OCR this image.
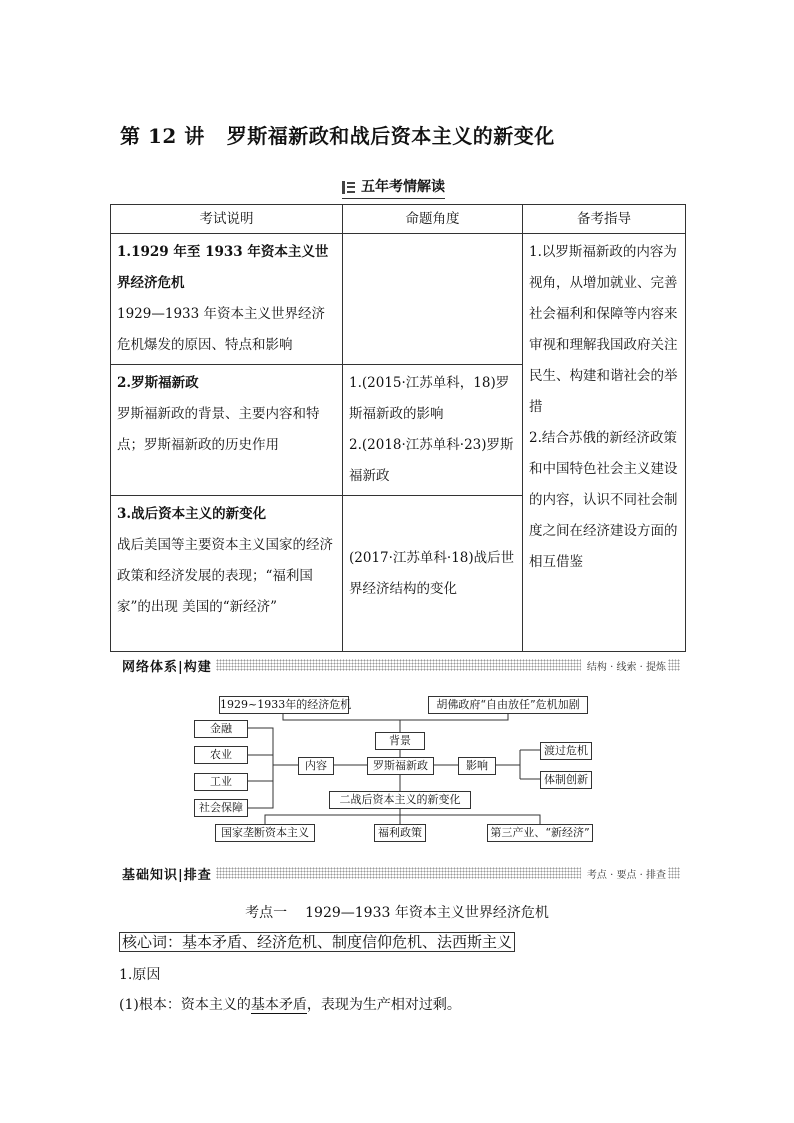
第 12 讲 罗斯福新政和战后资本主义的新变化
五年考情解读
考试说明	命题角度	备考指导
1.1929 年至 1933 年资本主义世界经济危机
1929—1933 年资本主义世界经济危机爆发的原因、特点和影响		1.以罗斯福新政的内容为视角，从增加就业、完善社会福利和保障等内容来审视和理解我国政府关注民生、构建和谐社会的举措
2.结合苏俄的新经济政策和中国特色社会主义建设的内容，认识不同社会制度之间在经济建设方面的相互借鉴
2.罗斯福新政
罗斯福新政的背景、主要内容和特点；罗斯福新政的历史作用	1.(2015·江苏单科，18)罗斯福新政的影响
2.(2018·江苏单科·23)罗斯福新政	
3.战后资本主义的新变化
战后美国等主要资本主义国家的经济政策和经济发展的表现；“福利国家”的出现 美国的“新经济”	(2017·江苏单科·18)战后世界经济结构的变化	
网络体系|构建	结构 · 线索 · 提炼
1929~1933年的经济危机	胡佛政府“自由放任”危机加剧
背景
罗斯福新政
内容	影响
金融
农业
工业
社会保障
渡过危机
体制创新
二战后资本主义的新变化
国家垄断资本主义	福利政策	第三产业、“新经济”
基础知识|排查	考点 · 要点 · 排查
考点一 1929—1933 年资本主义世界经济危机
核心词：基本矛盾、经济危机、制度信仰危机、法西斯主义
1.原因
(1)根本：资本主义的基本矛盾，表现为生产相对过剩。
